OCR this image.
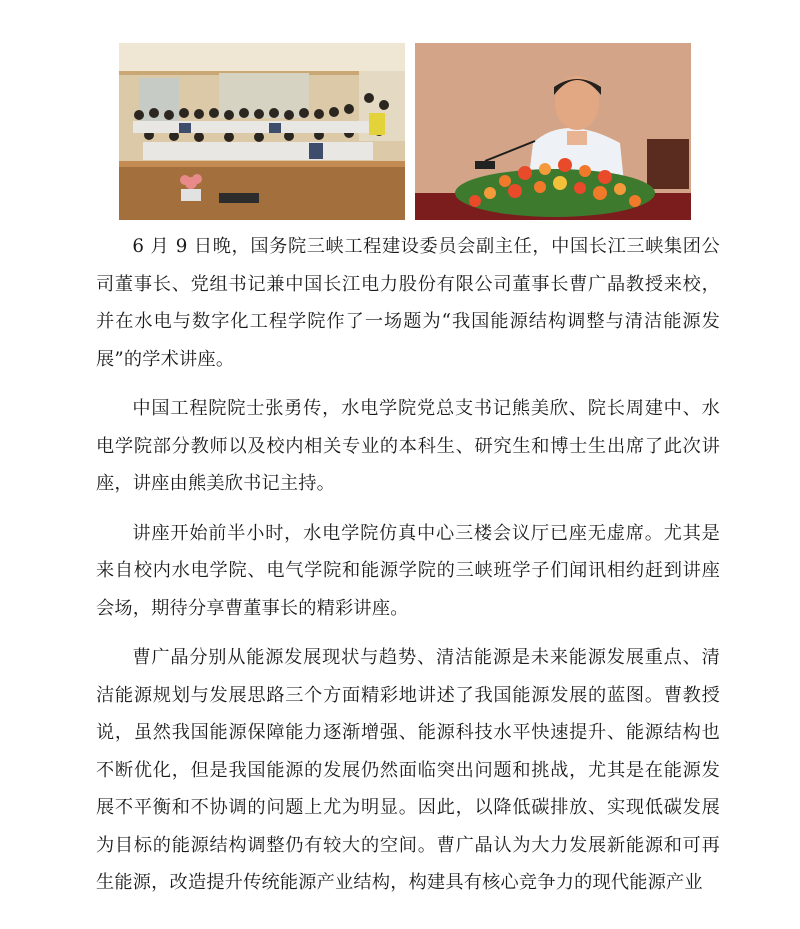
6 月 9 日晚，国务院三峡工程建设委员会副主任，中国长江三峡集团公司董事长、党组书记兼中国长江电力股份有限公司董事长曹广晶教授来校，并在水电与数字化工程学院作了一场题为“我国能源结构调整与清洁能源发展”的学术讲座。

中国工程院院士张勇传，水电学院党总支书记熊美欣、院长周建中、水电学院部分教师以及校内相关专业的本科生、研究生和博士生出席了此次讲座，讲座由熊美欣书记主持。

讲座开始前半小时，水电学院仿真中心三楼会议厅已座无虚席。尤其是来自校内水电学院、电气学院和能源学院的三峡班学子们闻讯相约赶到讲座会场，期待分享曹董事长的精彩讲座。

曹广晶分别从能源发展现状与趋势、清洁能源是未来能源发展重点、清洁能源规划与发展思路三个方面精彩地讲述了我国能源发展的蓝图。曹教授说，虽然我国能源保障能力逐渐增强、能源科技水平快速提升、能源结构也不断优化，但是我国能源的发展仍然面临突出问题和挑战，尤其是在能源发展不平衡和不协调的问题上尤为明显。因此，以降低碳排放、实现低碳发展为目标的能源结构调整仍有较大的空间。曹广晶认为大力发展新能源和可再生能源，改造提升传统能源产业结构，构建具有核心竞争力的现代能源产业
